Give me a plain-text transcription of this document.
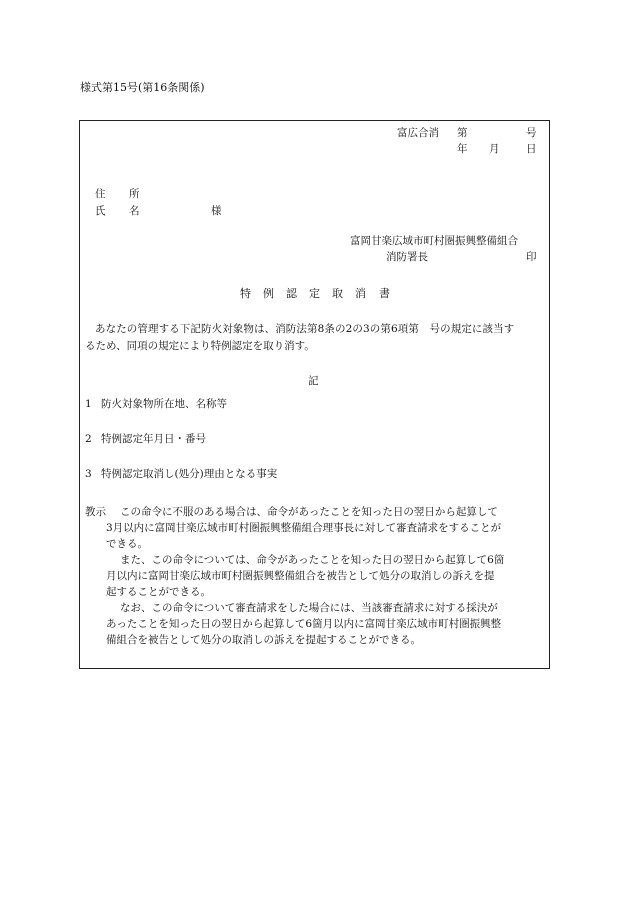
様式第15号(第16条関係)
富広合消 第	号
年 月	日
住 所
氏 名	様
富岡甘楽広域市町村圏振興整備組合
消防署長	印
特 例 認 定 取 消 書
あなたの管理する下記防火対象物は、消防法第8条の2の3の第6項第　号の規定に該当す
るため、同項の規定により特例認定を取り消す。
記
1 防火対象物所在地、名称等
2 特例認定年月日・番号
3 特例認定取消し(処分)理由となる事実
教示 この命令に不服のある場合は、命令があったことを知った日の翌日から起算して
3月以内に富岡甘楽広域市町村圏振興整備組合理事長に対して審査請求をすることが
できる。
また、この命令については、命令があったことを知った日の翌日から起算して6箇
月以内に富岡甘楽広域市町村圏振興整備組合を被告として処分の取消しの訴えを提
起することができる。
なお、この命令について審査請求をした場合には、当該審査請求に対する採決が
あったことを知った日の翌日から起算して6箇月以内に富岡甘楽広域市町村圏振興整
備組合を被告として処分の取消しの訴えを提起することができる。
